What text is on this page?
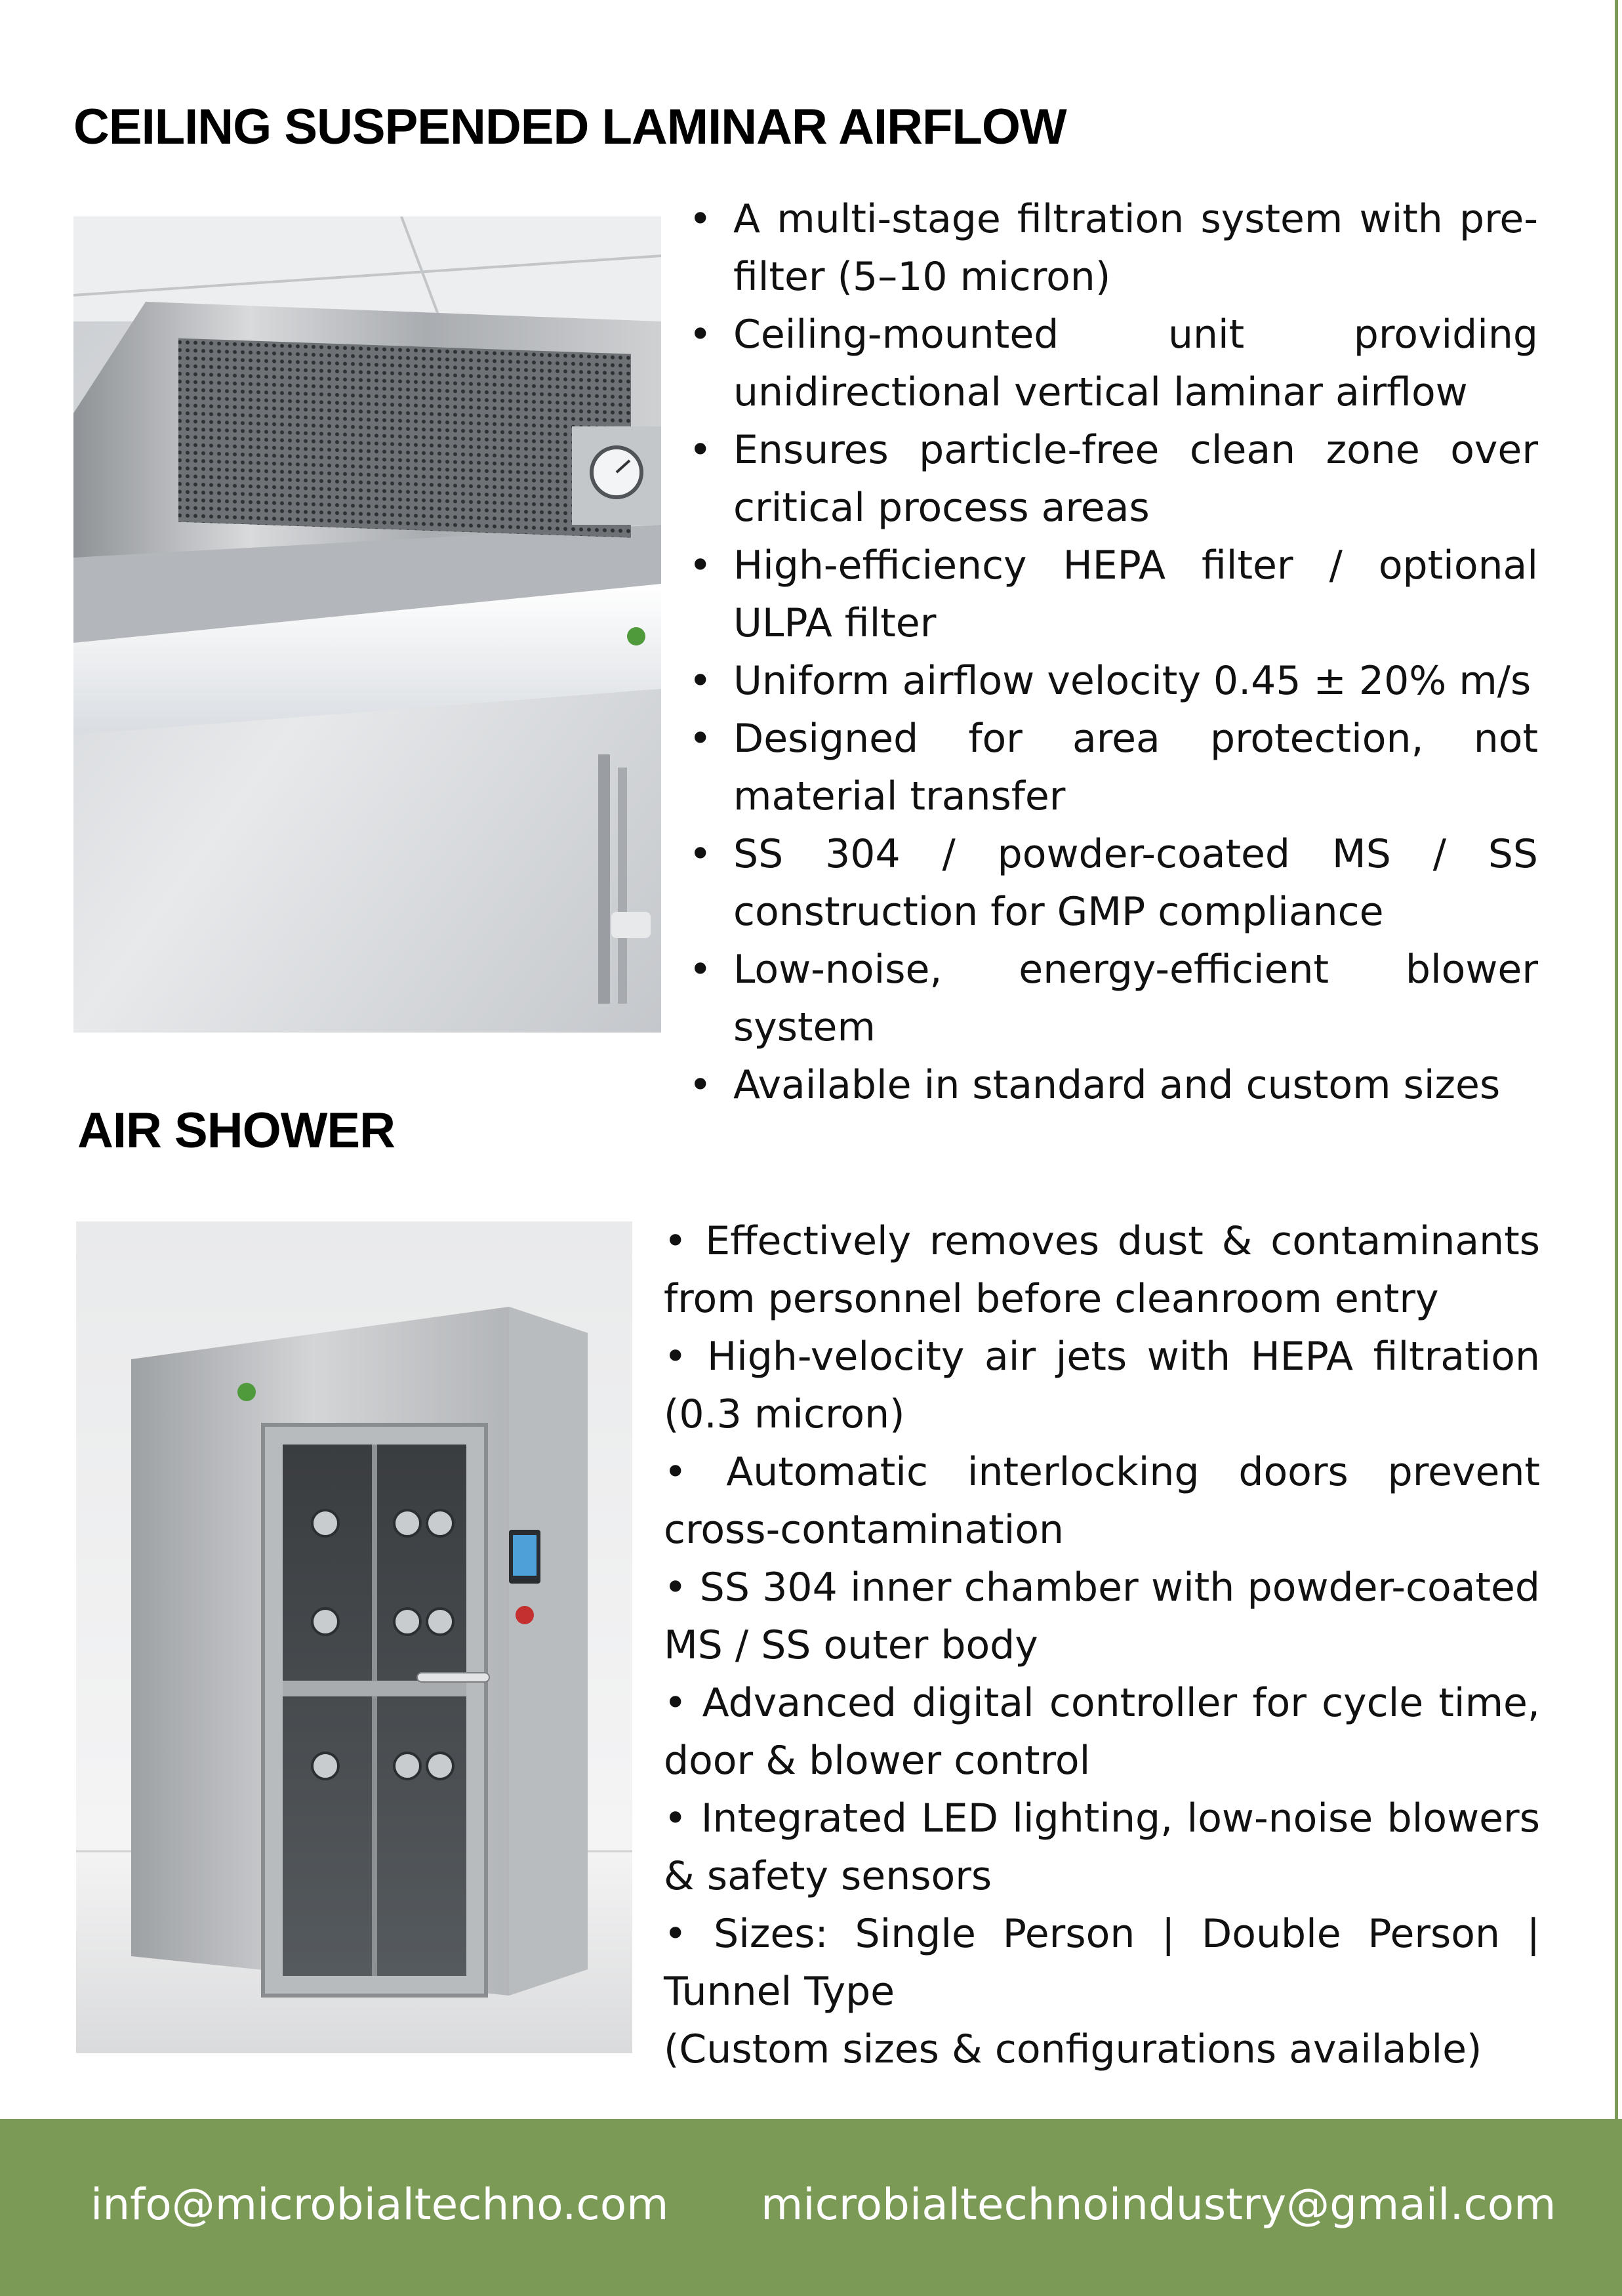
CEILING SUSPENDED LAMINAR AIRFLOW
• A multi-stage filtration system with pre-filter (5–10 micron)
• Ceiling-mounted unit providing unidirectional vertical laminar airflow
• Ensures particle-free clean zone over critical process areas
• High-efficiency HEPA filter / optional ULPA filter
• Uniform airflow velocity 0.45 ± 20% m/s
• Designed for area protection, not material transfer
• SS 304 / powder-coated MS / SS construction for GMP compliance
• Low-noise, energy-efficient blower system
• Available in standard and custom sizes
AIR SHOWER

• Effectively removes dust & contaminants from personnel before cleanroom entry

• High-velocity air jets with HEPA filtration (0.3 micron)

• Automatic interlocking doors prevent cross-contamination

• SS 304 inner chamber with powder-coated MS / SS outer body

• Advanced digital controller for cycle time, door & blower control

• Integrated LED lighting, low-noise blowers & safety sensors

• Sizes: Single Person | Double Person | Tunnel Type

(Custom sizes & configurations available)

info@microbialtechno.com microbialtechnoindustry@gmail.com
